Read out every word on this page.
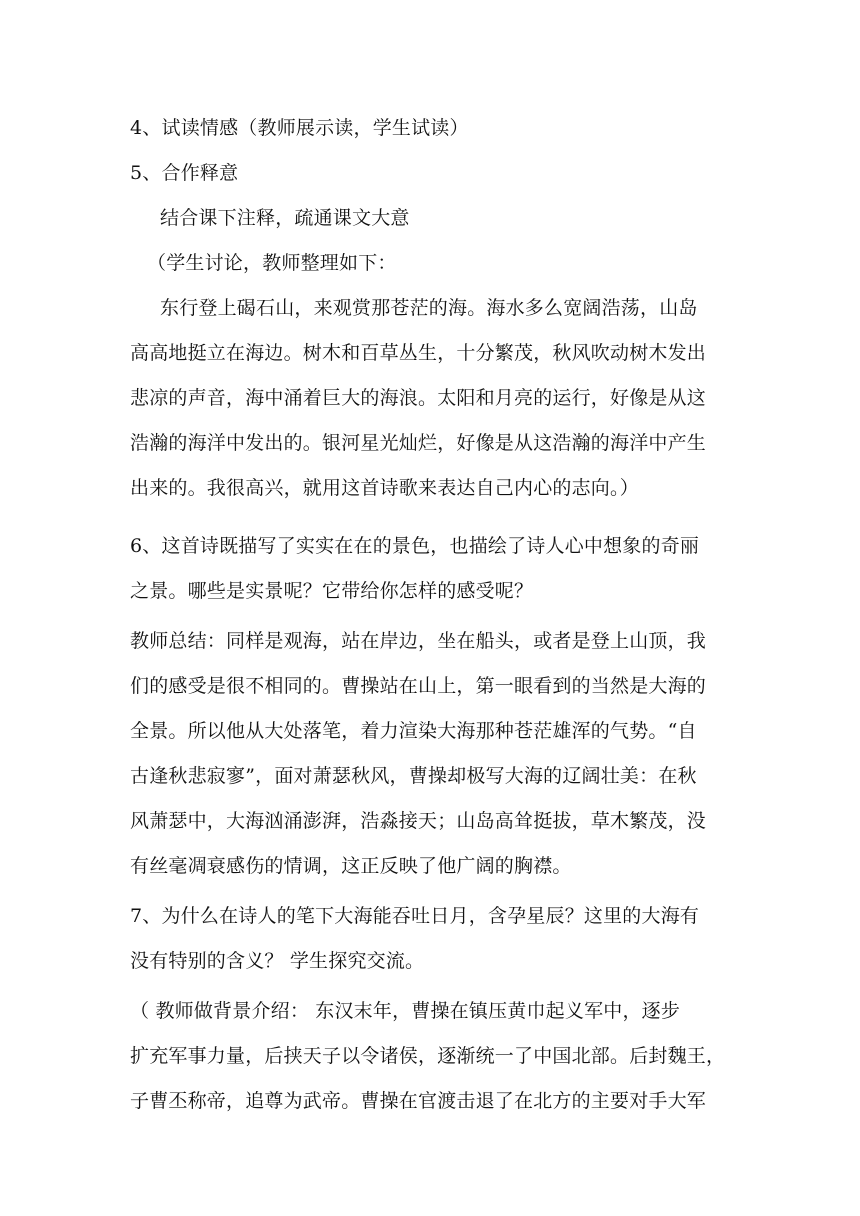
4、试读情感（教师展示读，学生试读）
5、合作释意
结合课下注释，疏通课文大意
（学生讨论，教师整理如下：
东行登上碣石山，来观赏那苍茫的海。海水多么宽阔浩荡，山岛
高高地挺立在海边。树木和百草丛生，十分繁茂，秋风吹动树木发出
悲凉的声音，海中涌着巨大的海浪。太阳和月亮的运行，好像是从这
浩瀚的海洋中发出的。银河星光灿烂，好像是从这浩瀚的海洋中产生
出来的。我很高兴，就用这首诗歌来表达自己内心的志向。）
6、这首诗既描写了实实在在的景色，也描绘了诗人心中想象的奇丽
之景。哪些是实景呢？它带给你怎样的感受呢？
教师总结：同样是观海，站在岸边，坐在船头，或者是登上山顶，我
们的感受是很不相同的。曹操站在山上，第一眼看到的当然是大海的
全景。所以他从大处落笔，着力渲染大海那种苍茫雄浑的气势。“自
古逢秋悲寂寥”，面对萧瑟秋风，曹操却极写大海的辽阔壮美：在秋
风萧瑟中，大海汹涌澎湃，浩淼接天；山岛高耸挺拔，草木繁茂，没
有丝毫凋衰感伤的情调，这正反映了他广阔的胸襟。
7、为什么在诗人的笔下大海能吞吐日月，含孕星辰？这里的大海有
没有特别的含义？ 学生探究交流。
（ 教师做背景介绍： 东汉末年，曹操在镇压黄巾起义军中，逐步
扩充军事力量，后挟天子以令诸侯，逐渐统一了中国北部。后封魏王，
子曹丕称帝，追尊为武帝。曹操在官渡击退了在北方的主要对手大军
